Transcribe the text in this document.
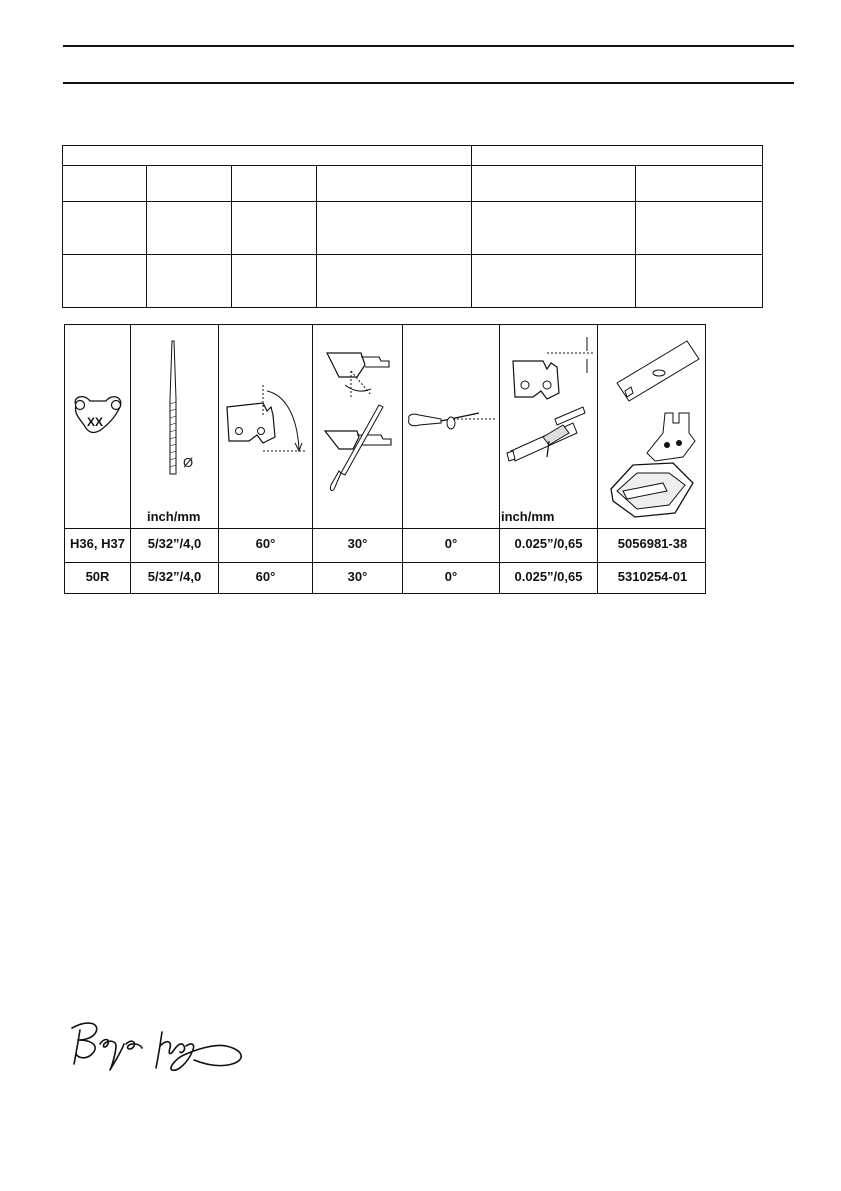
XX
Ø
inch/mm	inch/mm
H36, H37	5/32”/4,0	60°	30°	0°	0.025”/0,65	5056981-38
50R	5/32”/4,0	60°	30°	0°	0.025”/0,65	5310254-01
